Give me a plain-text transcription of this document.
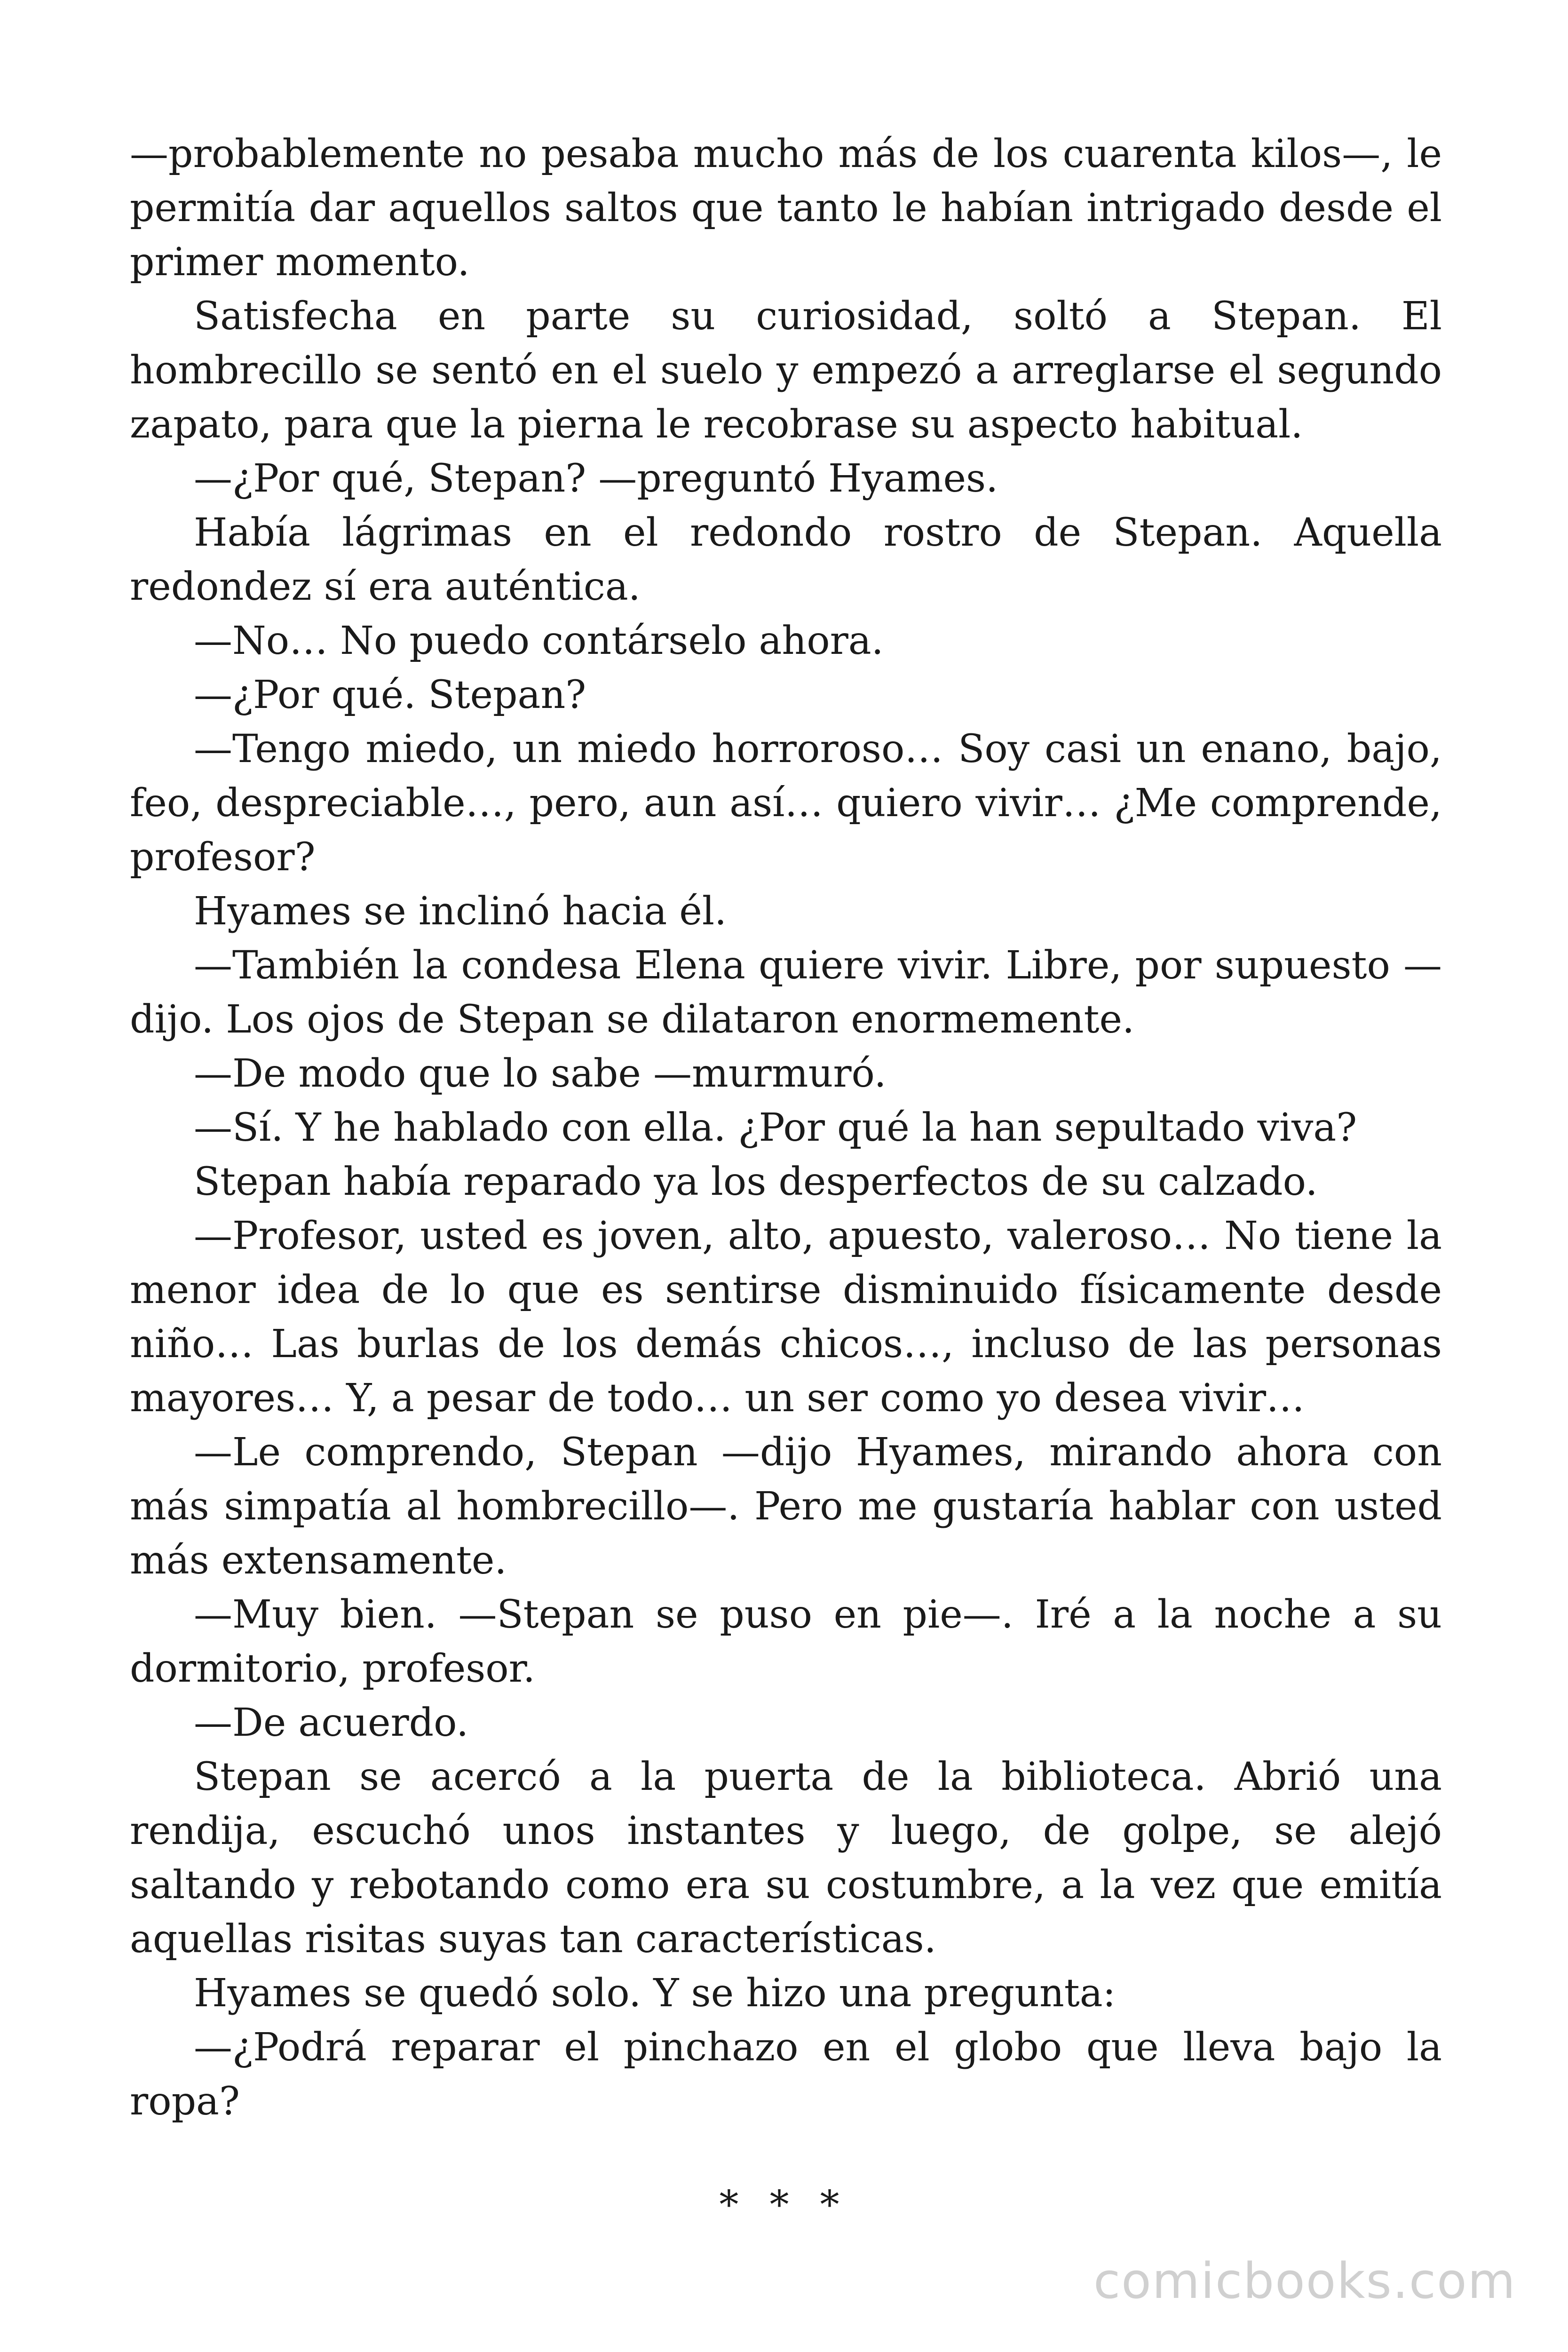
—probablemente no pesaba mucho más de los cuarenta kilos—, le permitía dar aquellos saltos que tanto le habían intrigado desde el primer momento.

Satisfecha en parte su curiosidad, soltó a Stepan. El hombrecillo se sentó en el suelo y empezó a arreglarse el segundo zapato, para que la pierna le recobrase su aspecto habitual.

—¿Por qué, Stepan? —preguntó Hyames.

Había lágrimas en el redondo rostro de Stepan. Aquella redondez sí era auténtica.

—No… No puedo contárselo ahora.

—¿Por qué. Stepan?

—Tengo miedo, un miedo horroroso… Soy casi un enano, bajo, feo, despreciable…, pero, aun así… quiero vivir… ¿Me comprende, profesor?

Hyames se inclinó hacia él.

—También la condesa Elena quiere vivir. Libre, por supuesto —dijo. Los ojos de Stepan se dilataron enormemente.

—De modo que lo sabe —murmuró.

—Sí. Y he hablado con ella. ¿Por qué la han sepultado viva?

Stepan había reparado ya los desperfectos de su calzado.

—Profesor, usted es joven, alto, apuesto, valeroso… No tiene la menor idea de lo que es sentirse disminuido físicamente desde niño… Las burlas de los demás chicos…, incluso de las personas mayores… Y, a pesar de todo… un ser como yo desea vivir…

—Le comprendo, Stepan —dijo Hyames, mirando ahora con más simpatía al hombrecillo—. Pero me gustaría hablar con usted más extensamente.

—Muy bien. —Stepan se puso en pie—. Iré a la noche a su dormitorio, profesor.

—De acuerdo.

Stepan se acercó a la puerta de la biblioteca. Abrió una rendija, escuchó unos instantes y luego, de golpe, se alejó saltando y rebotando como era su costumbre, a la vez que emitía aquellas risitas suyas tan características.

Hyames se quedó solo. Y se hizo una pregunta:

—¿Podrá reparar el pinchazo en el globo que lleva bajo la ropa?

* * *
comicbooks.com
